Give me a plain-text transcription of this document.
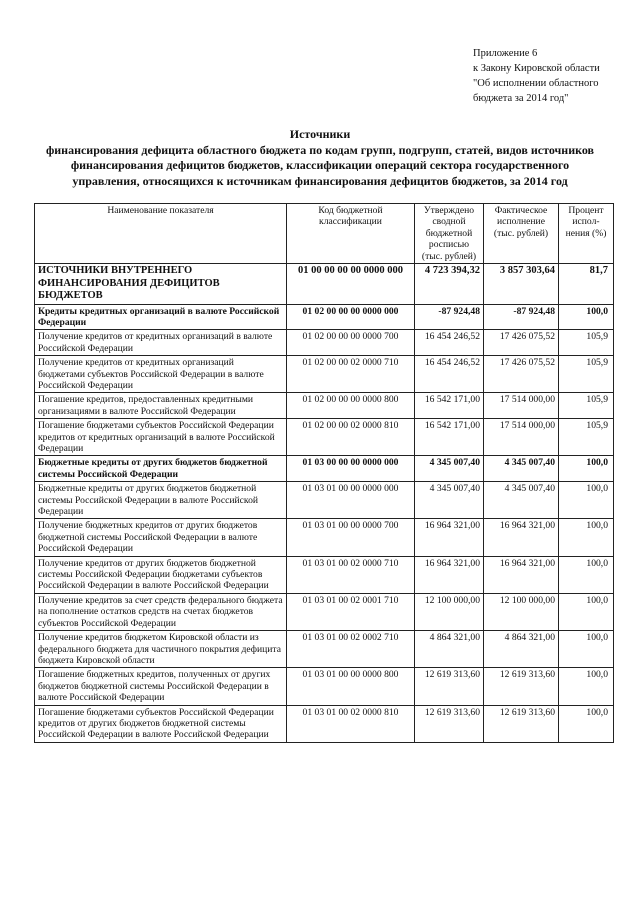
Приложение 6
к Закону Кировской области
"Об исполнении областного
бюджета за 2014 год"
Источники
финансирования дефицита областного бюджета по кодам групп, подгрупп, статей, видов источников
финансирования дефицитов бюджетов, классификации операций сектора государственного
управления, относящихся к источникам финансирования дефицитов бюджетов, за 2014 год
Наименование показателя	Код бюджетной классификации	Утверждено сводной бюджетной росписью (тыс. рублей)	Фактическое исполнение (тыс. рублей)	Процент испол-нения (%)
ИСТОЧНИКИ ВНУТРЕННЕГО ФИНАНСИРОВАНИЯ ДЕФИЦИТОВ БЮДЖЕТОВ	01 00 00 00 00 0000 000	4 723 394,32	3 857 303,64	81,7
Кредиты кредитных организаций в валюте Российской Федерации	01 02 00 00 00 0000 000	-87 924,48	-87 924,48	100,0
Получение кредитов от кредитных организаций в валюте Российской Федерации	01 02 00 00 00 0000 700	16 454 246,52	17 426 075,52	105,9
Получение кредитов от кредитных организаций бюджетами субъектов Российской Федерации в валюте Российской Федерации	01 02 00 00 02 0000 710	16 454 246,52	17 426 075,52	105,9
Погашение кредитов, предоставленных кредитными организациями в валюте Российской Федерации	01 02 00 00 00 0000 800	16 542 171,00	17 514 000,00	105,9
Погашение бюджетами субъектов Российской Федерации кредитов от кредитных организаций в валюте Российской Федерации	01 02 00 00 02 0000 810	16 542 171,00	17 514 000,00	105,9
Бюджетные кредиты от других бюджетов бюджетной системы Российской Федерации	01 03 00 00 00 0000 000	4 345 007,40	4 345 007,40	100,0
Бюджетные кредиты от других бюджетов бюджетной системы Российской Федерации в валюте Российской Федерации	01 03 01 00 00 0000 000	4 345 007,40	4 345 007,40	100,0
Получение бюджетных кредитов от других бюджетов бюджетной системы Российской Федерации в валюте Российской Федерации	01 03 01 00 00 0000 700	16 964 321,00	16 964 321,00	100,0
Получение кредитов от других бюджетов бюджетной системы Российской Федерации бюджетами субъектов Российской Федерации в валюте Российской Федерации	01 03 01 00 02 0000 710	16 964 321,00	16 964 321,00	100,0
Получение кредитов за счет средств федерального бюджета на пополнение остатков средств на счетах бюджетов субъектов Российской Федерации	01 03 01 00 02 0001 710	12 100 000,00	12 100 000,00	100,0
Получение кредитов бюджетом Кировской области из федерального бюджета для частичного покрытия дефицита бюджета Кировской области	01 03 01 00 02 0002 710	4 864 321,00	4 864 321,00	100,0
Погашение бюджетных кредитов, полученных от других бюджетов бюджетной системы Российской Федерации в валюте Российской Федерации	01 03 01 00 00 0000 800	12 619 313,60	12 619 313,60	100,0
Погашение бюджетами субъектов Российской Федерации кредитов от других бюджетов бюджетной системы Российской Федерации в валюте Российской Федерации	01 03 01 00 02 0000 810	12 619 313,60	12 619 313,60	100,0
